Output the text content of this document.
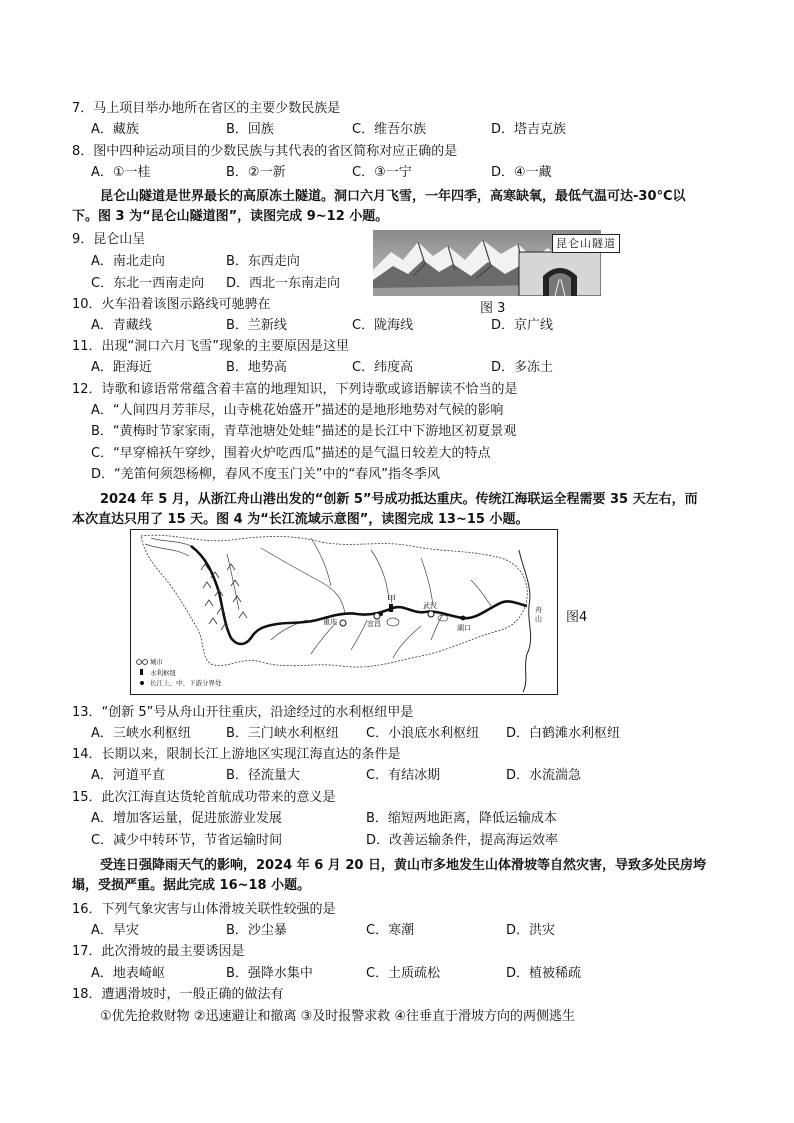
7．马上项目举办地所在省区的主要少数民族是
A．藏族	B．回族	C．维吾尔族	D．塔吉克族
8．图中四种运动项目的少数民族与其代表的省区简称对应正确的是
A．①一桂	B．②一新	C．③一宁	D．④一藏
昆仑山隧道是世界最长的高原冻土隧道。洞口六月飞雪，一年四季，高寒缺氧，最低气温可达-30°C以
下。图 3 为“昆仑山隧道图”，读图完成 9~12 小题。
9．昆仑山呈
A．南北走向	B．东西走向
C．东北一西南走向 D．西北一东南走向
昆仑山隧道
图 3
10．火车沿着该图示路线可驰骋在
A．青藏线	B．兰新线	C．陇海线	D．京广线
11．出现“洞口六月飞雪”现象的主要原因是这里
A．距海近	B．地势高	C．纬度高	D．多冻土
12．诗歌和谚语常常蕴含着丰富的地理知识，下列诗歌或谚语解读不恰当的是
A．“人间四月芳菲尽，山寺桃花始盛开”描述的是地形地势对气候的影响
B．“黄梅时节家家雨，青草池塘处处蛙”描述的是长江中下游地区初夏景观
C．“早穿棉袄午穿纱，围着火炉吃西瓜”描述的是气温日较差大的特点
D．“羌笛何须怨杨柳，春风不度玉门关”中的“春风”指冬季风
2024 年 5 月，从浙江舟山港出发的“创新 5”号成功抵达重庆。传统江海联运全程需要 35 天左右，而
本次直达只用了 15 天。图 4 为“长江流域示意图”，读图完成 13~15 小题。
甲
重庆	宜昌
武汉
湖口
舟山
城市
水利枢纽
长江上、中、下游分界处
图4
13．“创新 5”号从舟山开往重庆，沿途经过的水利枢纽甲是
A．三峡水利枢纽	B．三门峡水利枢纽 C．小浪底水利枢纽 D．白鹤滩水利枢纽
14．长期以来，限制长江上游地区实现江海直达的条件是
A．河道平直	B．径流量大	C．有结冰期	D．水流湍急
15．此次江海直达货轮首航成功带来的意义是
A．增加客运量，促进旅游业发展	B．缩短两地距离，降低运输成本
C．减少中转环节，节省运输时间	D．改善运输条件，提高海运效率
受连日强降雨天气的影响，2024 年 6 月 20 日，黄山市多地发生山体滑坡等自然灾害，导致多处民房垮
塌，受损严重。据此完成 16~18 小题。
16．下列气象灾害与山体滑坡关联性较强的是
A．旱灾	B．沙尘暴	C．寒潮	D．洪灾
17．此次滑坡的最主要诱因是
A．地表崎岖	B．强降水集中	C．土质疏松	D．植被稀疏
18．遭遇滑坡时，一般正确的做法有
①优先抢救财物 ②迅速避让和撤离 ③及时报警求救 ④往垂直于滑坡方向的两侧逃生
